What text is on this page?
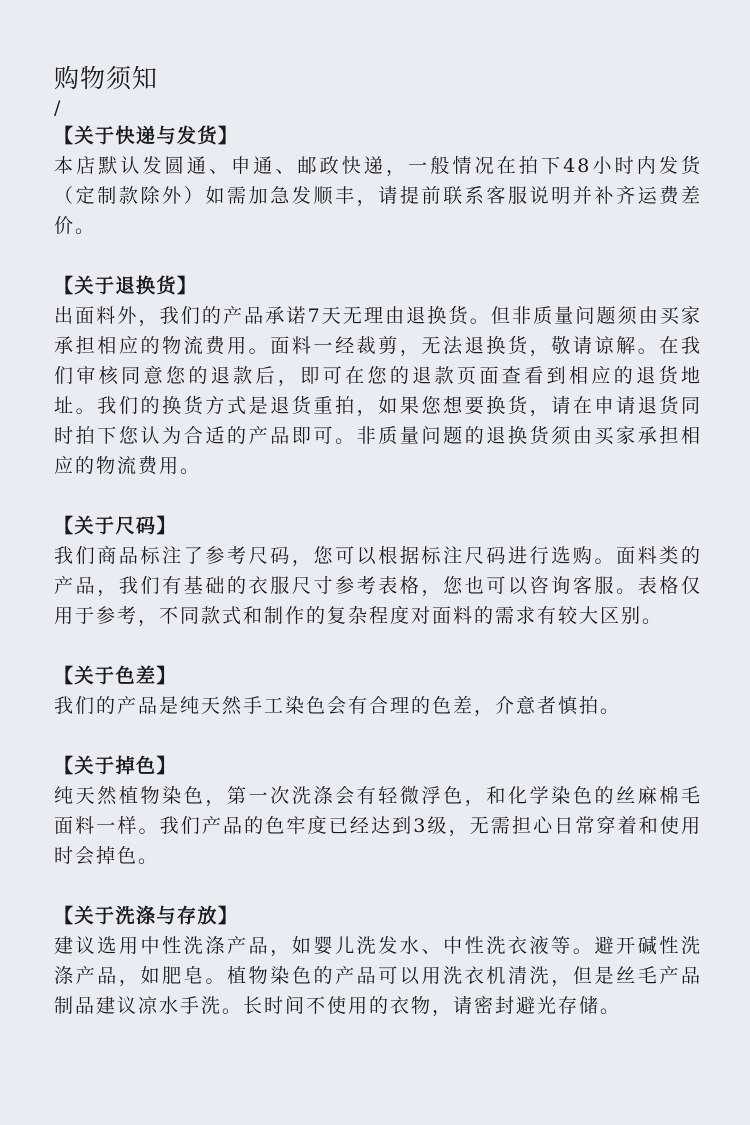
购物须知
/
【关于快递与发货】
本店默认发圆通、申通、邮政快递，一般情况在拍下48小时内发货（定制款除外）如需加急发顺丰，请提前联系客服说明并补齐运费差价。
【关于退换货】
出面料外，我们的产品承诺7天无理由退换货。但非质量问题须由买家承担相应的物流费用。面料一经裁剪，无法退换货，敬请谅解。在我们审核同意您的退款后，即可在您的退款页面查看到相应的退货地址。我们的换货方式是退货重拍，如果您想要换货，请在申请退货同时拍下您认为合适的产品即可。非质量问题的退换货须由买家承担相应的物流费用。
【关于尺码】
我们商品标注了参考尺码，您可以根据标注尺码进行选购。面料类的产品，我们有基础的衣服尺寸参考表格，您也可以咨询客服。表格仅用于参考，不同款式和制作的复杂程度对面料的需求有较大区别。
【关于色差】
我们的产品是纯天然手工染色会有合理的色差，介意者慎拍。
【关于掉色】
纯天然植物染色，第一次洗涤会有轻微浮色，和化学染色的丝麻棉毛面料一样。我们产品的色牢度已经达到3级，无需担心日常穿着和使用时会掉色。
【关于洗涤与存放】
建议选用中性洗涤产品，如婴儿洗发水、中性洗衣液等。避开碱性洗涤产品，如肥皂。植物染色的产品可以用洗衣机清洗，但是丝毛产品制品建议凉水手洗。长时间不使用的衣物，请密封避光存储。
